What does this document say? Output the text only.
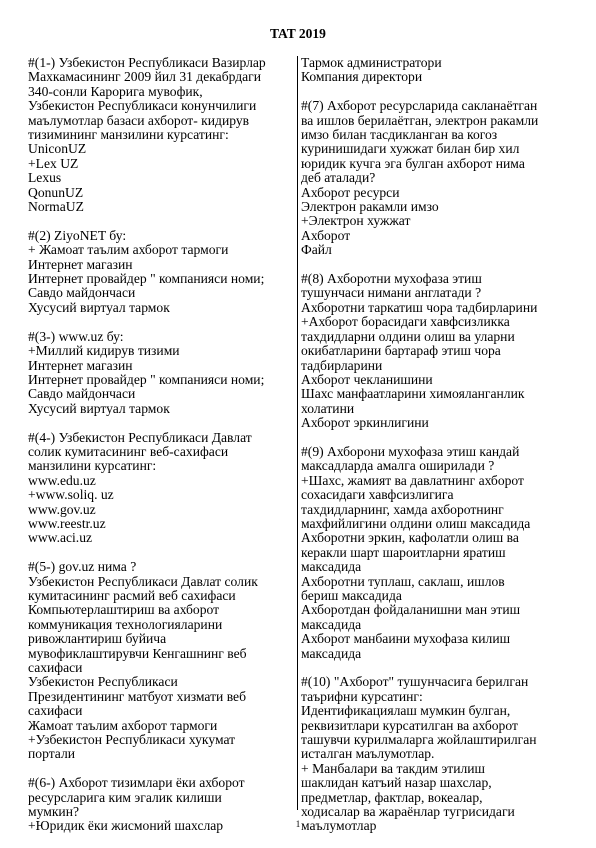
TAT 2019
#(1-) Узбекистон Республикаси Вазирлар
Махкамасининг 2009 йил 31 декабрдаги
340-сонли Карорига мувофик,
Узбекистон Республикаси конунчилиги
маълумотлар базаси ахборот- кидирув
тизимининг манзилини курсатинг:
UniconUZ
+Lex UZ
Lexus
QonunUZ
NormaUZ
#(2) ZiyoNET бу:
+ Жамоат таълим ахборот тармоги
Интернет магазин
Интернет провайдер " компанияси номи;
Савдо майдончаси
Хусусий виртуал тармок
#(3-) www.uz бу:
+Миллий кидирув тизими
Интернет магазин
Интернет провайдер " компанияси номи;
Савдо майдончаси
Хусусий виртуал тармок
#(4-) Узбекистон Республикаси Давлат
солик кумитасининг веб-сахифаси
манзилини курсатинг:
www.edu.uz
+www.soliq. uz
www.gov.uz
www.reestr.uz
www.aci.uz
#(5-) gov.uz нима ?
Узбекистон Республикаси Давлат солик
кумитасининг расмий веб сахифаси
Компьютерлаштириш ва ахборот
коммуникация технологияларини
ривожлантириш буйича
мувофиклаштирувчи Кенгашнинг веб
сахифаси
Узбекистон Республикаси
Президентининг матбуот хизмати веб
сахифаси
Жамоат таълим ахборот тармоги
+Узбекистон Республикаси хукумат
портали
#(6-) Ахборот тизимлари ёки ахборот
ресурсларига ким эгалик килиши
мумкин?
+Юридик ёки жисмоний шахслар
Тармок администратори
Компания директори
#(7) Ахборот ресурсларида сакланаётган
ва ишлов берилаётган, электрон ракамли
имзо билан тасдикланган ва когоз
куринишидаги хужжат билан бир хил
юридик кучга эга булган ахборот нима
деб аталади?
Ахборот ресурси
Электрон ракамли имзо
+Электрон хужжат
Ахборот
Файл
#(8) Ахборотни мухофаза этиш
тушунчаси нимани англатади ?
Ахборотни таркатиш чора тадбирларини
+Ахборот борасидаги хавфсизликка
тахдидларни олдини олиш ва уларни
окибатларини бартараф этиш чора
тадбирларини
Ахборот чекланишини
Шахс манфаатларини химояланганлик
холатини
Ахборот эркинлигини
#(9) Ахборони мухофаза этиш кандай
максадларда амалга оширилади ?
+Шахс, жамият ва давлатнинг ахборот
сохасидаги хавфсизлигига
тахдидларнинг, хамда ахборотнинг
махфийлигини олдини олиш максадида
Ахборотни эркин, кафолатли олиш ва
керакли шарт шароитларни яратиш
максадида
Ахборотни туплаш, саклаш, ишлов
бериш максадида
Ахборотдан фойдаланишни ман этиш
максадида
Ахборот манбаини мухофаза килиш
максадида
#(10) "Ахборот" тушунчасига берилган
таърифни курсатинг:
Идентификациялаш мумкин булган,
реквизитлари курсатилган ва ахборот
ташувчи курилмаларга жойлаштирилган
исталган маълумотлар.
+ Манбалари ва такдим этилиш
шаклидан катъий назар шахслар,
предметлар, фактлар, вокеалар,
ходисалар ва жараёнлар тугрисидаги
маълумотлар
1
